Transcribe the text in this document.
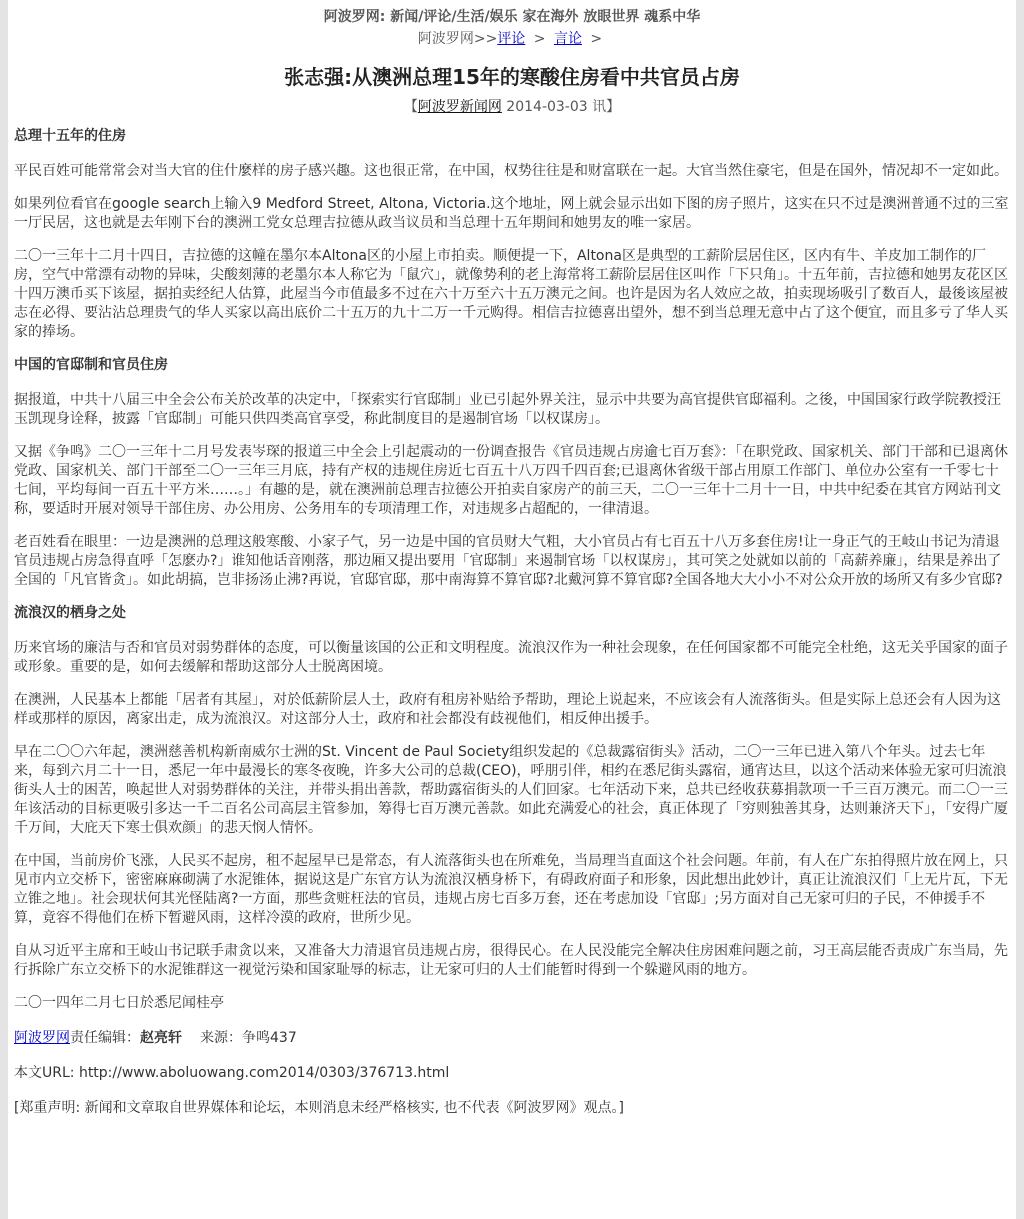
阿波罗网: 新闻/评论/生活/娱乐 家在海外 放眼世界 魂系中华
阿波罗网>>评论 > 言论 >
张志强:从澳洲总理15年的寒酸住房看中共官员占房
【阿波罗新闻网 2014-03-03 讯】
总理十五年的住房

平民百姓可能常常会对当大官的住什麼样的房子感兴趣。这也很正常，在中国，权势往往是和财富联在一起。大官当然住豪宅，但是在国外，情况却不一定如此。

如果列位看官在google search上输入9 Medford Street, Altona, Victoria.这个地址，网上就会显示出如下图的房子照片，这实在只不过是澳洲普通不过的三室一厅民居，这也就是去年刚下台的澳洲工党女总理吉拉德从政当议员和当总理十五年期间和她男友的唯一家居。

二〇一三年十二月十四日，吉拉德的这幢在墨尔本Altona区的小屋上市拍卖。顺便提一下，Altona区是典型的工薪阶层居住区，区内有牛、羊皮加工制作的厂房，空气中常漂有动物的异味，尖酸刻薄的老墨尔本人称它为「鼠穴」，就像势利的老上海常将工薪阶层居住区叫作「下只角」。十五年前，吉拉德和她男友花区区十四万澳币买下该屋，据拍卖经纪人估算，此屋当今市值最多不过在六十万至六十五万澳元之间。也许是因为名人效应之故，拍卖现场吸引了数百人，最後该屋被志在必得、要沾沾总理贵气的华人买家以高出底价二十五万的九十二万一千元购得。相信吉拉德喜出望外，想不到当总理无意中占了这个便宜，而且多亏了华人买家的捧场。

中国的官邸制和官员住房

据报道，中共十八届三中全会公布关於改革的决定中，「探索实行官邸制」业已引起外界关注，显示中共要为高官提供官邸福利。之後，中国国家行政学院教授汪玉凯现身诠释，披露「官邸制」可能只供四类高官享受，称此制度目的是遏制官场「以权谋房」。

又据《争鸣》二〇一三年十二月号发表岑琛的报道三中全会上引起震动的一份调查报告《官员违规占房逾七百万套》：「在职党政、国家机关、部门干部和已退离休党政、国家机关、部门干部至二〇一三年三月底，持有产权的违规住房近七百五十八万四千四百套;已退离休省级干部占用原工作部门、单位办公室有一千零七十七间，平均每间一百五十平方米……。」有趣的是，就在澳洲前总理吉拉德公开拍卖自家房产的前三天，二〇一三年十二月十一日，中共中纪委在其官方网站刊文称，要适时开展对领导干部住房、办公用房、公务用车的专项清理工作，对违规多占超配的，一律清退。

老百姓看在眼里：一边是澳洲的总理这般寒酸、小家子气，另一边是中国的官员财大气粗，大小官员占有七百五十八万多套住房!让一身正气的王岐山书记为清退官员违规占房急得直呼「怎麽办?」谁知他话音刚落，那边厢又提出要用「官邸制」来遏制官场「以权谋房」，其可笑之处就如以前的「高薪养廉」，结果是养出了全国的「凡官皆贪」。如此胡搞，岂非扬汤止沸?再说，官邸官邸，那中南海算不算官邸?北戴河算不算官邸?全国各地大大小小不对公众开放的场所又有多少官邸?

流浪汉的栖身之处

历来官场的廉洁与否和官员对弱势群体的态度，可以衡量该国的公正和文明程度。流浪汉作为一种社会现象，在任何国家都不可能完全杜绝，这无关乎国家的面子或形象。重要的是，如何去缓解和帮助这部分人士脱离困境。

在澳洲，人民基本上都能「居者有其屋」，对於低薪阶层人士，政府有租房补贴给予帮助，理论上说起来，不应该会有人流落街头。但是实际上总还会有人因为这样或那样的原因，离家出走，成为流浪汉。对这部分人士，政府和社会都没有歧视他们，相反伸出援手。

早在二〇〇六年起，澳洲慈善机构新南威尔士洲的St. Vincent de Paul Society组织发起的《总裁露宿街头》活动，二〇一三年已进入第八个年头。过去七年来，每到六月二十一日，悉尼一年中最漫长的寒冬夜晚，许多大公司的总裁(CEO)，呼朋引伴，相约在悉尼街头露宿，通宵达旦，以这个活动来体验无家可归流浪街头人士的困苦，唤起世人对弱势群体的关注，并带头捐出善款，帮助露宿街头的人们回家。七年活动下来，总共已经收获募捐款项一千三百万澳元。而二〇一三年该活动的目标更吸引多达一千二百名公司高层主管参加，筹得七百万澳元善款。如此充满爱心的社会，真正体现了「穷则独善其身，达则兼济天下」，「安得广厦千万间，大庇天下寒士俱欢颜」的悲天悯人情怀。

在中国，当前房价飞涨，人民买不起房，租不起屋早已是常态，有人流落街头也在所难免，当局理当直面这个社会问题。年前，有人在广东拍得照片放在网上，只见市内立交桥下，密密麻麻砌满了水泥锥体，据说这是广东官方认为流浪汉栖身桥下，有碍政府面子和形象，因此想出此妙计，真正让流浪汉们「上无片瓦，下无立锥之地」。社会现状何其光怪陆离?一方面，那些贪赃枉法的官员，违规占房七百多万套，还在考虑加设「官邸」;另方面对自己无家可归的子民，不伸援手不算，竟容不得他们在桥下暂避风雨，这样冷漠的政府，世所少见。

自从习近平主席和王岐山书记联手肃贪以来，又准备大力清退官员违规占房，很得民心。在人民没能完全解决住房困难问题之前，习王高层能否责成广东当局，先行拆除广东立交桥下的水泥锥群这一视觉污染和国家耻辱的标志，让无家可归的人士们能暂时得到一个躲避风雨的地方。

二〇一四年二月七日於悉尼闻桂亭

阿波罗网责任编辑：赵亮轩 来源：争鸣437
本文URL: http://www.aboluowang.com2014/0303/376713.html
[郑重声明: 新闻和文章取自世界媒体和论坛，本则消息未经严格核实, 也不代表《阿波罗网》观点。]
